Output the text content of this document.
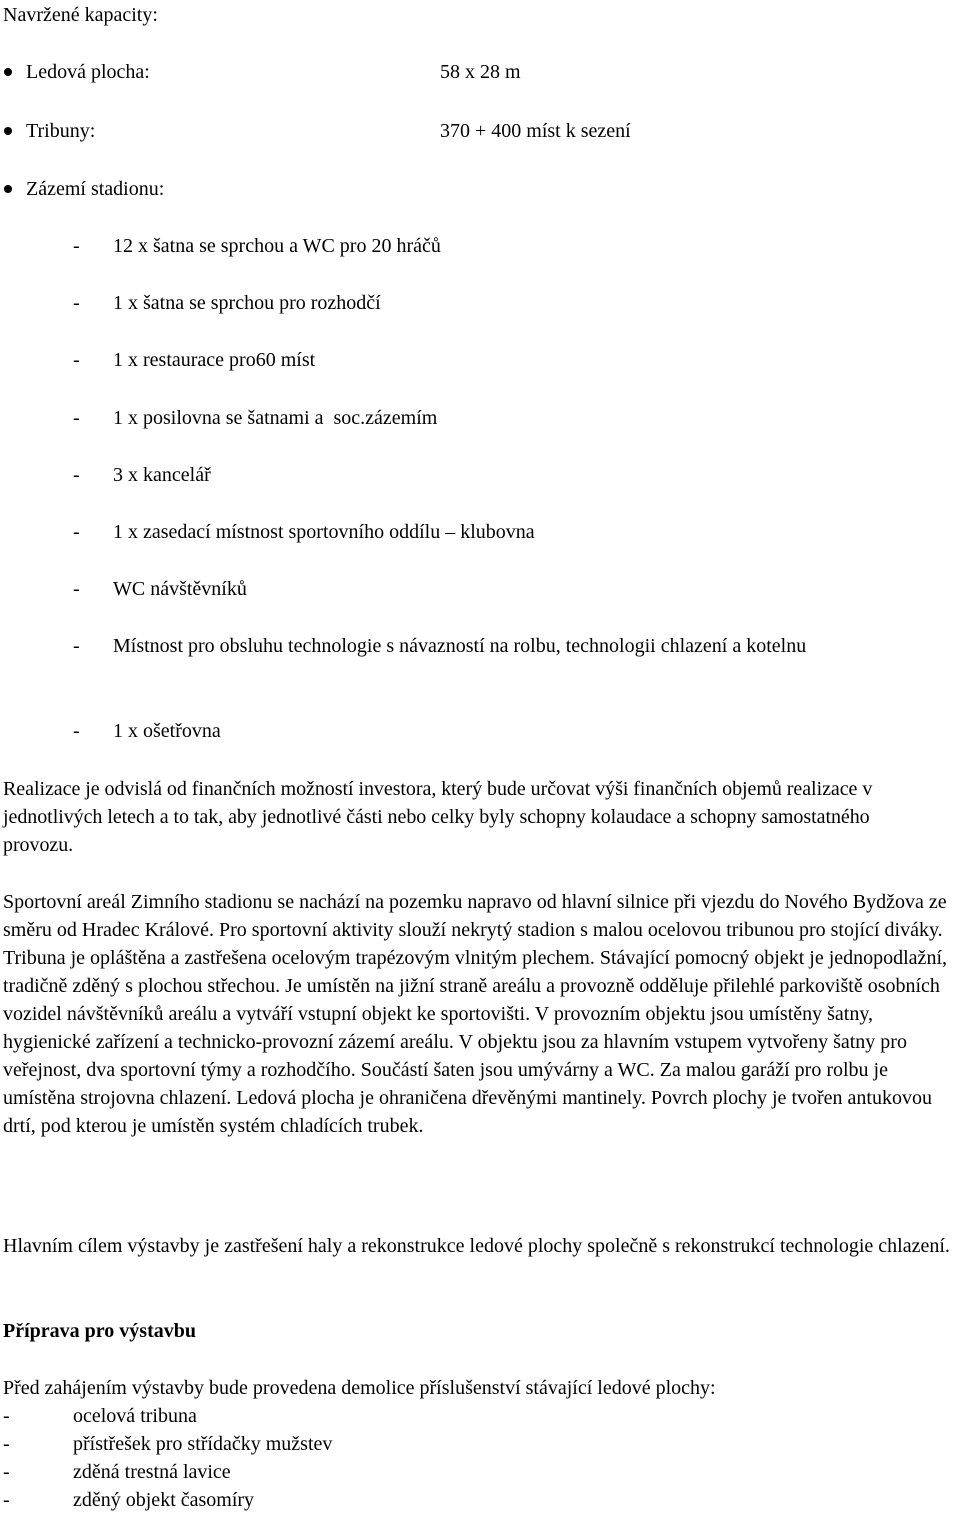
Navržené kapacity:
Ledová plocha:	58 x 28 m
Tribuny:	370 + 400 míst k sezení
Zázemí stadionu:
- 12 x šatna se sprchou a WC pro 20 hráčů
- 1 x šatna se sprchou pro rozhodčí
- 1 x restaurace pro60 míst
- 1 x posilovna se šatnami a  soc.zázemím
- 3 x kancelář
- 1 x zasedací místnost sportovního oddílu – klubovna
- WC návštěvníků
- Místnost pro obsluhu technologie s návazností na rolbu, technologii chlazení a kotelnu
- 1 x ošetřovna
Realizace je odvislá od finančních možností investora, který bude určovat výši finančních objemů realizace v jednotlivých letech a to tak, aby jednotlivé části nebo celky byly schopny kolaudace a schopny samostatného provozu.
Sportovní areál Zimního stadionu se nachází na pozemku napravo od hlavní silnice při vjezdu do Nového Bydžova ze směru od Hradec Králové. Pro sportovní aktivity slouží nekrytý stadion s malou ocelovou tribunou pro stojící diváky. Tribuna je opláštěna a zastřešena ocelovým trapézovým vlnitým plechem. Stávající pomocný objekt je jednopodlažní, tradičně zděný s plochou střechou. Je umístěn na jižní straně areálu a provozně odděluje přilehlé parkoviště osobních vozidel návštěvníků areálu a vytváří vstupní objekt ke sportovišti. V provozním objektu jsou umístěny šatny, hygienické zařízení a technicko-provozní zázemí areálu. V objektu jsou za hlavním vstupem vytvořeny šatny pro veřejnost, dva sportovní týmy a rozhodčího. Součástí šaten jsou umývárny a WC. Za malou garáží pro rolbu je umístěna strojovna chlazení. Ledová plocha je ohraničena dřevěnými mantinely. Povrch plochy je tvořen antukovou drtí, pod kterou je umístěn systém chladících trubek.
Hlavním cílem výstavby je zastřešení haly a rekonstrukce ledové plochy společně s rekonstrukcí technologie chlazení.
Příprava pro výstavbu
Před zahájením výstavby bude provedena demolice příslušenství stávající ledové plochy:
-	ocelová tribuna
-	přístřešek pro střídačky mužstev
-	zděná trestná lavice
-	zděný objekt časomíry
